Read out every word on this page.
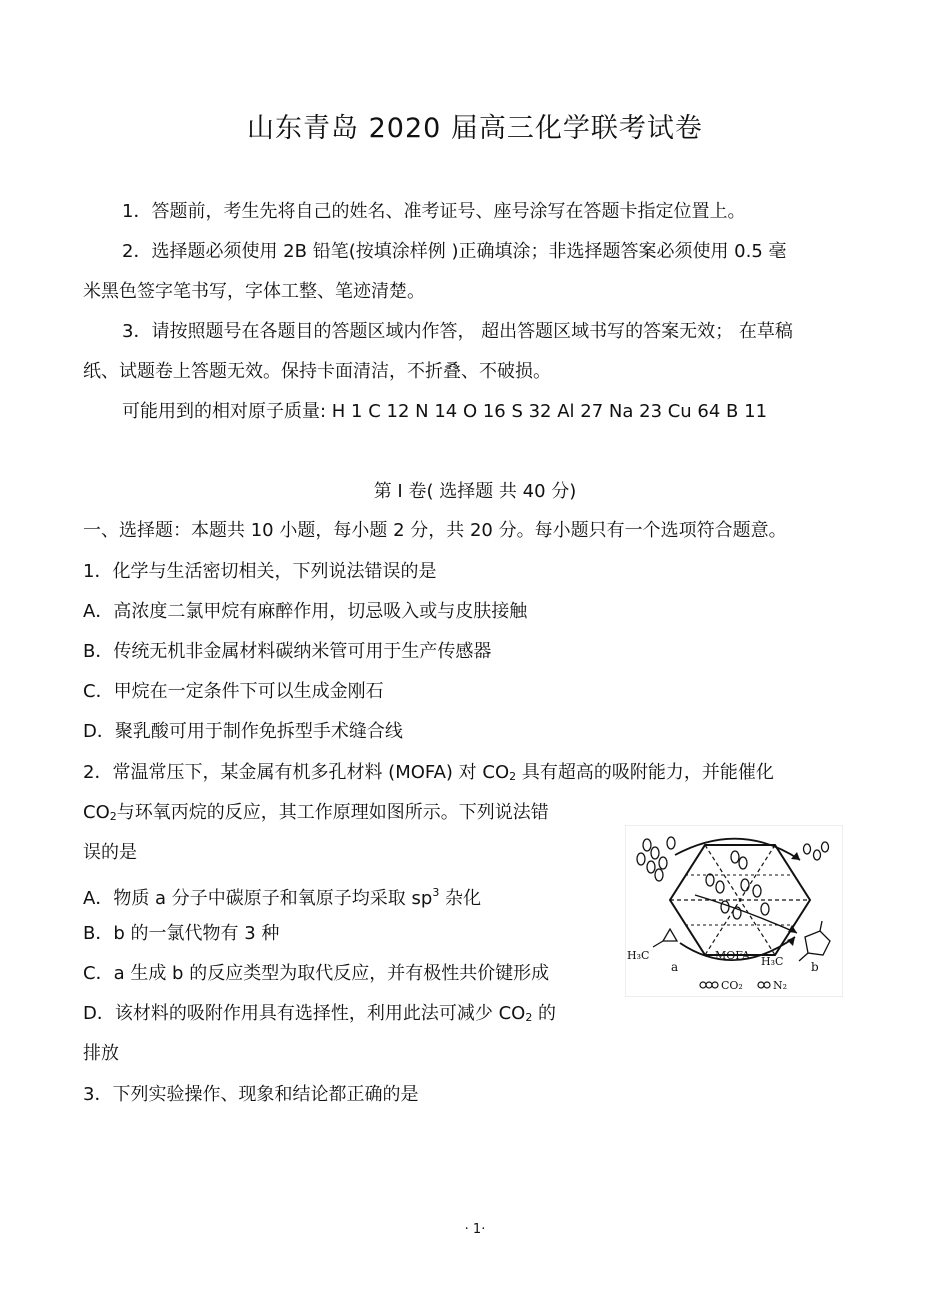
山东青岛 2020 届高三化学联考试卷
1．答题前，考生先将自己的姓名、准考证号、座号涂写在答题卡指定位置上。
2．选择题必须使用 2B 铅笔(按填涂样例 )正确填涂；非选择题答案必须使用 0.5 毫
米黑色签字笔书写，字体工整、笔迹清楚。
3．请按照题号在各题目的答题区域内作答， 超出答题区域书写的答案无效； 在草稿
纸、试题卷上答题无效。保持卡面清洁，不折叠、不破损。
可能用到的相对原子质量: H 1 C 12 N 14 O 16 S 32 Al 27 Na 23 Cu 64 B 11
第 I 卷( 选择题 共 40 分)
一、选择题：本题共 10 小题，每小题 2 分，共 20 分。每小题只有一个选项符合题意。
1．化学与生活密切相关，下列说法错误的是
A．高浓度二氯甲烷有麻醉作用，切忌吸入或与皮肤接触
B．传统无机非金属材料碳纳米管可用于生产传感器
C．甲烷在一定条件下可以生成金刚石
D．聚乳酸可用于制作免拆型手术缝合线
2．常温常压下，某金属有机多孔材料 (MOFA) 对 $CO_2$ 具有超高的吸附能力，并能催化
$CO_2$与环氧丙烷的反应，其工作原理如图所示。下列说法错
误的是
A．物质 a 分子中碳原子和氧原子均采取 $sp^3$ 杂化
B．b 的一氯代物有 3 种
C．a 生成 b 的反应类型为取代反应，并有极性共价键形成
D．该材料的吸附作用具有选择性，利用此法可减少 $CO_2$ 的
排放
H₃C
a
MOFA H₃C b
CO₂	N₂
3．下列实验操作、现象和结论都正确的是
· 1·
